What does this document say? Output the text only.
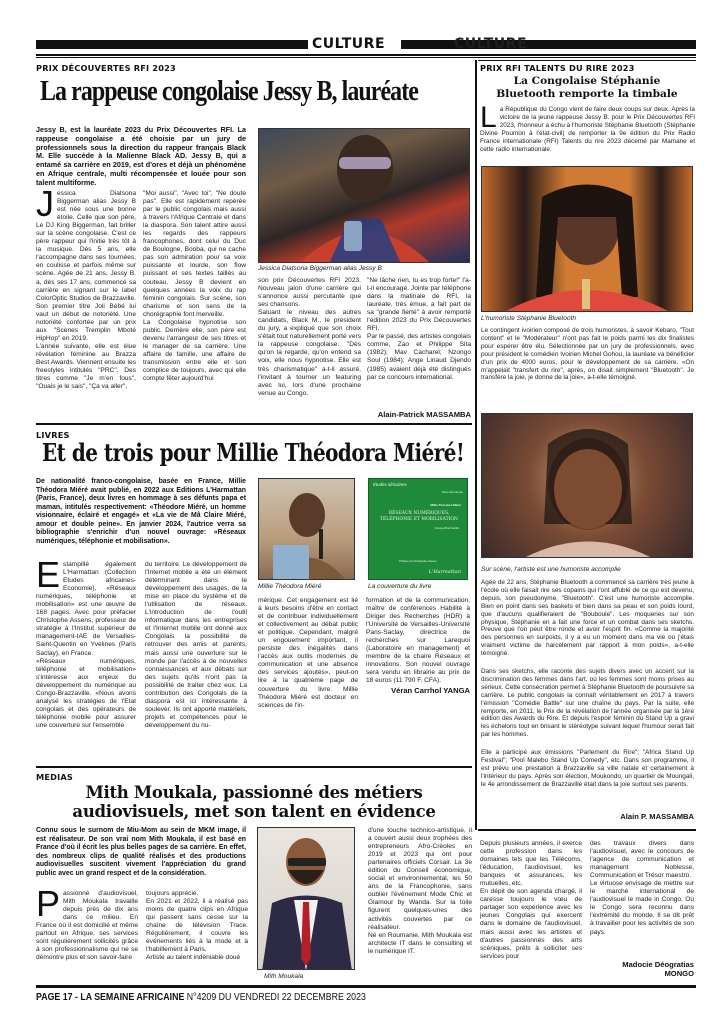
CULTURE	CULTURE
PRIX DÉCOUVERTES RFI 2023
La rappeuse congolaise Jessy B, lauréate
Jessy B, est la lauréate 2023 du Prix Découvertes RFI. La rappeuse congolaise a été choisie par un jury de professionnels sous la direction du rappeur français Black M. Elle succède à la Malienne Black AD. Jessy B, qui a entamé sa carrière en 2019, est d'ores et déjà un phénomène en Afrique centrale, multi récompensée et louée pour son talent multiforme.
Jessica Diatsona Biggerman alias Jessy B est née sous une bonne étoile. Celle que son père, Le DJ King Biggerman, fait briller sur la scène congolaise. C'est ce père rappeur qui l'initie très tôt à la musique. Dès 5 ans, elle l'accompagne dans ses tournées, en coulisse et parfois même sur scène. Agée de 21 ans, Jessy B. a, dès ses 17 ans, commencé sa carrière en signant sur le label ColorOptic Studios de Brazzaville. Son premier titre Joli Bébé lui vaut un début de notoriété. Une notoriété confortée par un prix aux "Scènes Tremplin Mboté HipHop" en 2019.
L'année suivante, elle est élue révélation féminine au Brazza Best Awards. Viennent ensuite les freestyles intitulés "PRC". Des titres comme "Je m'en fous", "Ouais je le sais", "Ça va aller",
"Moi aussi", "Avec toi", "Ne doute pas". Elle est rapidement repérée par le public congolais mais aussi à travers l'Afrique Centrale et dans la diaspora. Son talent attire aussi les regards des rappeurs francophones, dont celui du Duc de Boulogne, Booba, qui ne cache pas son admiration pour sa voix puissante et lourde, son flow puissant et ses textes taillés au couteau. Jessy B devient en quelques années la voix du rap féminin congolais. Sur scène, son charisme et son sens de la chorégraphie font merveille.
La Congolaise hypnotise son public. Derrière elle, son père est devenu l'arrangeur de ses titres et le manager de sa carrière. Une affaire de famille, une affaire de transmission entre elle et son complice de toujours, avec qui elle compte fêter aujourd'hui
Jessica Diatsona Biggerman alias Jessy B
son prix Découvertes RFI 2023. Nouveau jalon d'une carrière qui s'annonce aussi percutante que ses chansons.
Saluant le niveau des autres candidats, Black M., le président du jury, a expliqué que son choix s'était tout naturellement porté vers la rappeuse congolaise. "Dès qu'on la regarde, qu'on entend sa voix, elle nous hypnotise. Elle est très charismatique" a-t-il assuré, l'invitant à tourner un featuring avec lui, lors d'une prochaine venue au Congo.
"Ne lâche rien, tu es trop forte!" l'a-t-il encouragé. Jointe par téléphone dans la matinale de RFI, la lauréate, très émue, a fait part de sa "grande fierté" à avoir remporté l'édition 2023 du Prix Découvertes RFI.
Par le passé, des artistes congolais comme, Zao et Philippe Sita (1982); Mav Cacharel; Nzongo Soul (1984); Ange Linaud Djendo (1985) avaient déjà été distingués par ce concours international.
Alain-Patrick MASSAMBA
LIVRES
Et de trois pour Millie Théodora Miéré!
De nationalité franco-congolaise, basée en France, Millie Théodora Miéré avait publié, en 2022 aux Editions L'Harmattan (Paris, France), deux livres en hommage à ses défunts papa et maman, intitulés respectivement: «Théodore Miéré, un homme visionnaire, éclairé et engagé» et «La vie de Mâ Claire Miéré, amour et double peine». En janvier 2024, l'autrice verra sa bibliographie s'enrichir d'un nouvel ouvrage: «Réseaux numériques, téléphonie et mobilisation».
Estampillé également L'Harmattan (Collection Etudes africaines-Economie), «Réseaux numériques, téléphonie et mobilisation» est une œuvre de 168 pages. Avec pour préfacier Christophe Assens, professeur de stratégie à l'Institut supérieur de management-IAE de Versailles-Saint-Quentin en Yvelines (Paris Saclay), en France.
«Réseaux numériques, téléphonie et mobilisation» s'intéresse aux enjeux du développement du numérique au Congo-Brazzaville. «Nous avons analysé les stratégies de l'Etat congolais et des opérateurs de téléphonie mobile pour assurer une couverture sur l'ensemble
du territoire. Le développement de l'Internet mobile a été un élément déterminant dans le développement des usages, de la mise en place du système et de l'utilisation de réseaux. L'introduction de l'outil informatique dans les entreprises et l'Internet mobile ont donné aux Congolais la possibilité de retrouver des amis et parents, mais aussi une ouverture sur le monde par l'accès à de nouvelles connaissances et aux débats sur des sujets qu'ils n'ont pas la possibilité de traiter chez eux. La contribution des Congolais de la diaspora est ici intéressante à soulever. Ils ont apporté matériels, projets et compétences pour le développement du nu-
Millie Théodora Miéré
Études africaines
Série Économie
Millie Théodora Miéré
RÉSEAUX NUMÉRIQUES, TÉLÉPHONIE ET MOBILISATION
Congo-Brazzaville
Préface de Christophe Assens
L'Harmattan
La couverture du livre
mérique. Cet engagement est lié à leurs besoins d'être en contact et de contribuer individuellement et collectivement au débat public et politique. Cependant, malgré un engouement important, il persiste des inégalités dans l'accès aux outils modernes de communication et une absence des services ajoutés», peut-on lire à la quatrième page de couverture du livre. Millie Théodora Miéré est docteur en sciences de l'in-
formation et de la communication, maître de conférences Habilité à Diriger des Recherches (HDR) à l'Université de Versailles-Université Paris-Saclay, directrice de recherches sur Larequoi (Laboratoire en management) et membre de la chaire Réseaux et innovations. Son nouvel ouvrage sera vendu en librairie au prix de 18 euros (11 790 F. CFA).
Véran Carrhol YANGA
MEDIAS
Mith Moukala, passionné des métiers
audiovisuels, met son talent en évidence
Connu sous le surnom de Miu-Mom au sein de MKM image, il est réalisateur. De son vrai nom Mith Moukala, il est basé en France d'où il écrit les plus belles pages de sa carrière. En effet, des nombreux clips de qualité réalisés et des productions audiovisuelles suscitent vivement l'appréciation du grand public avec un grand respect et de la considération.
Passionné d'audiovisuel, Mith Moukala travaille depuis près de dix ans dans ce milieu. En France où il est domicilié et même partout en Afrique, ses services sont régulièrement sollicités grâce à son professionnalisme qui ne se démontre plus et son savoir-faire
toujours apprécié.
En 2021 et 2022, il a réalisé pas moins de quatre clips en Afrique qui passent sans cesse sur la chaîne de télévision Trace. Régulièrement, il couvre les événements liés à la mode et à l'habillement à Paris.
Artiste au talent indéniable doué
Mith Moukala
d'une touche technico-artistique, il a couvert aussi deux trophées des entrepreneurs Afro-Créoles en 2019 et 2023 qui ont pour partenaires officiels Corsair. La 3e édition du Conseil économique, social et environnemental, les 50 ans de la Francophonie, sans oublier l'événement Mode Chic et Glamour by Wanda. Sur la toile figurent quelques-unes des activités couvertes par ce réalisateur.
Né en Roumanie, Mith Moukala est architecte IT dans le consulting et le numérique IT.
Depuis plusieurs années, il exerce cette profession dans les domaines tels que les Télécoms, l'éducation, l'audiovisuel, les banques et assurances, les mutuelles, etc.
En dépit de son agenda chargé, il caresse toujours le vœu de partager son expérience avec les jeunes Congolais qui exercent dans le domaine de l'audiovisuel, mais aussi avec les artistes et d'autres passionnés des arts scéniques, prêts à solliciter ses services pour
des travaux divers dans l'audiovisuel, avec le concours de l'agence de communication et management Noblesse, Communication et Trésor maestro.
Le virtuose envisage de mettre sur le marché international de l'audiovisuel le made in Congo. Où le Congo sera reconnu dans l'extrémité du monde. Il se dit prêt à travailler pour les activités de son pays.
Madocie Déogratias
MONGO
PRIX RFI TALENTS DU RIRE 2023
La Congolaise Stéphanie
Bluetooth remporte la timbale
La République du Congo vient de faire deux coups sur deux. Après la victoire de la jeune rappeuse Jessy B. pour le Prix Découvertes RFI 2023, l'honneur a échu à l'humoriste Stéphanie Bluetooth (Stéphanie Divine Poumon à l'état-civil) de remporter la 9e édition du Prix Radio France internationale (RFI) Talents du rire 2023 décemé par Mamane et cette radio internationale.
L'humoriste Stéphanie Bluetooth
Le contingent ivoirien composé de trois humoristes, à savoir Kebaro, "Tout content" et le "Modérateur" n'ont pas fait le poids parmi les dix finalistes pour espérer être élu. Sélectionnée par un jury de professionnels, avec pour président le comédien Ivoirien Michel Gohou, la lauréate va bénéficier d'un prix de 4000 euros, pour le développement de sa carrière. «On m'appelait "transfert du rire", après, on disait simplement "Bluetooth". Je transfère la joie, je donne de la joie», a-t-elle témoigné.
Sur scène, l'artiste est une humoriste accomplie
Agée de 22 ans, Stéphanie Bluetooth a commencé sa carrière très jeune à l'école où elle faisait rire ses copains qui l'ont affublé de ce qui est devenu, depuis, son pseudonyme, "Bluetooth". C'est une humoriste accomplie. Bien en point dans ses baskets et bien dans sa peau et son poids lourd, que d'aucuns qualifieraient de "Bouboule". Les moqueries sur son physique, Stéphanie en a fait une force et un combat dans ses sketchs. Preuve que l'on peut être ronde et avoir l'esprit fin. «Comme la majorité des personnes en surpoids, il y a eu un moment dans ma vie où j'étais vraiment victime de harcèlement par rapport à mon poids», a-t-elle témoigné.
Dans ses sketchs, elle raconte des sujets divers avec un accent sur la discrimination des femmes dans l'art, où les femmes sont moins prises au sérieux. Cette consécration permet à Stéphanie Bluetooth de poursuivre sa carrière. Le public congolais la connaît véritablement en 2017 à travers l'émission "Comédie Battle" sur une chaîne du pays. Par la suite, elle remporte, en 2011, le Prix de la révélation de l'année organisée par la 1ère édition des Awards du Rire. Et depuis l'espoir féminin du Stand Up a gravi les échelons tout en brisant le stéréotype suivant lequel l'humour serait fait par les hommes.
Elle a participé aux émissions "Parlement du Rire"; "Africa Stand Up Festival"; "Pool Malebo Stand Up Comedy", etc. Dans son programme, il est prévu une prestation à Brazzaville sa ville natale et certainement à l'intérieur du pays. Après son élection, Moukondo, un quartier de Moungali, le 4e arrondissement de Brazzaville était dans la joie surtout ses parents.
Alain P. MASSAMBA
PAGE 17 - LA SEMAINE AFRICAINE N°4209 DU VENDREDI 22 DECEMBRE 2023
